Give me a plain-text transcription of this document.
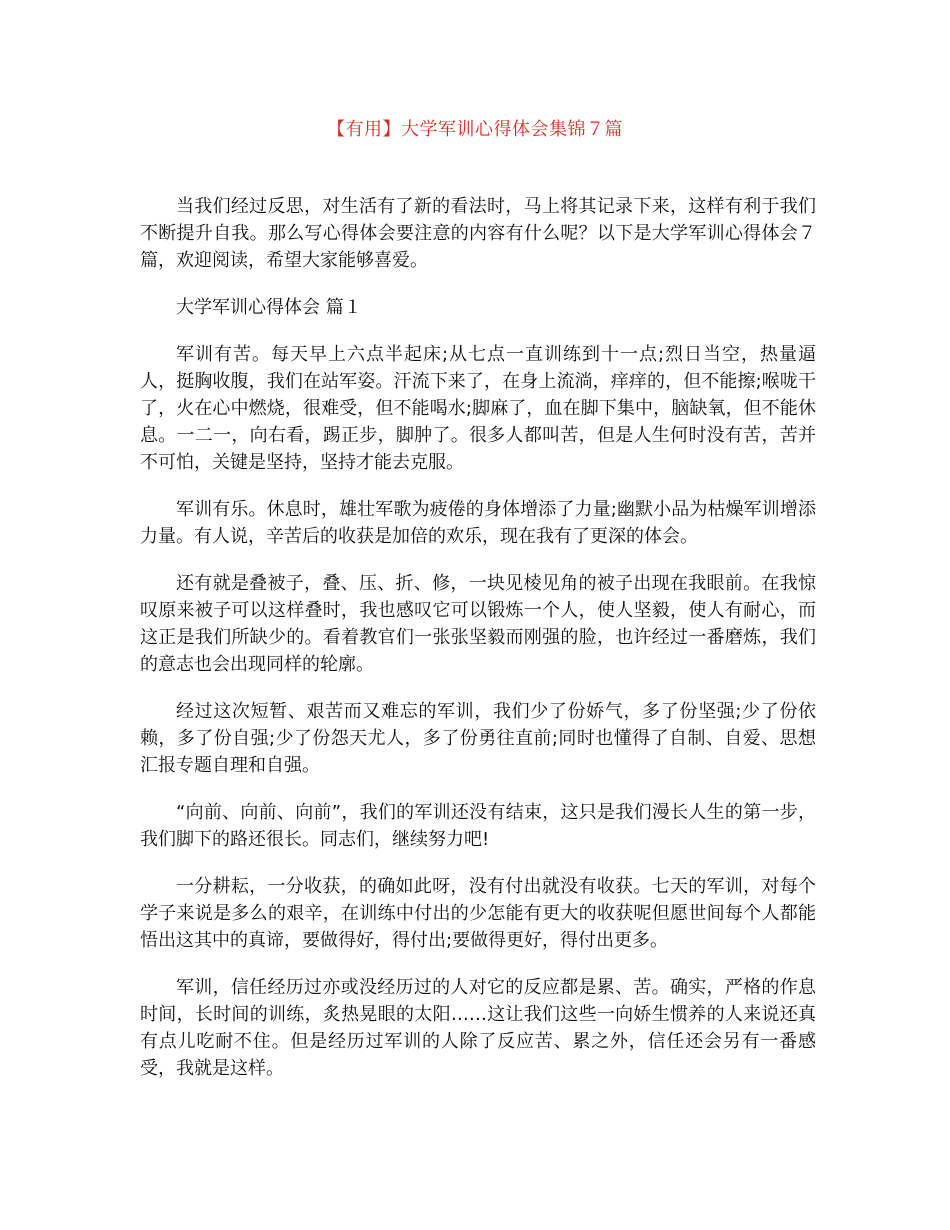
【有用】大学军训心得体会集锦７篇

当我们经过反思，对生活有了新的看法时，马上将其记录下来，这样有利于我们不断提升自我。那么写心得体会要注意的内容有什么呢？以下是大学军训心得体会７篇，欢迎阅读，希望大家能够喜爱。

大学军训心得体会 篇１

军训有苦。每天早上六点半起床;从七点一直训练到十一点;烈日当空，热量逼人，挺胸收腹，我们在站军姿。汗流下来了，在身上流淌，痒痒的，但不能擦;喉咙干了，火在心中燃烧，很难受，但不能喝水;脚麻了，血在脚下集中，脑缺氧，但不能休息。一二一，向右看，踢正步，脚肿了。很多人都叫苦，但是人生何时没有苦，苦并不可怕，关键是坚持，坚持才能去克服。

军训有乐。休息时，雄壮军歌为疲倦的身体增添了力量;幽默小品为枯燥军训增添力量。有人说，辛苦后的收获是加倍的欢乐，现在我有了更深的体会。

还有就是叠被子，叠、压、折、修，一块见棱见角的被子出现在我眼前。在我惊叹原来被子可以这样叠时，我也感叹它可以锻炼一个人，使人坚毅，使人有耐心，而这正是我们所缺少的。看着教官们一张张坚毅而刚强的脸，也许经过一番磨炼，我们的意志也会出现同样的轮廓。

经过这次短暂、艰苦而又难忘的军训，我们少了份娇气，多了份坚强;少了份依赖，多了份自强;少了份怨天尤人，多了份勇往直前;同时也懂得了自制、自爱、思想汇报专题自理和自强。

“向前、向前、向前”，我们的军训还没有结束，这只是我们漫长人生的第一步，我们脚下的路还很长。同志们，继续努力吧!

一分耕耘，一分收获，的确如此呀，没有付出就没有收获。七天的军训，对每个学子来说是多么的艰辛，在训练中付出的少怎能有更大的收获呢但愿世间每个人都能悟出这其中的真谛，要做得好，得付出;要做得更好，得付出更多。

军训，信任经历过亦或没经历过的人对它的反应都是累、苦。确实，严格的作息时间，长时间的训练，炙热晃眼的太阳……这让我们这些一向娇生惯养的人来说还真有点儿吃耐不住。但是经历过军训的人除了反应苦、累之外，信任还会另有一番感受，我就是这样。
